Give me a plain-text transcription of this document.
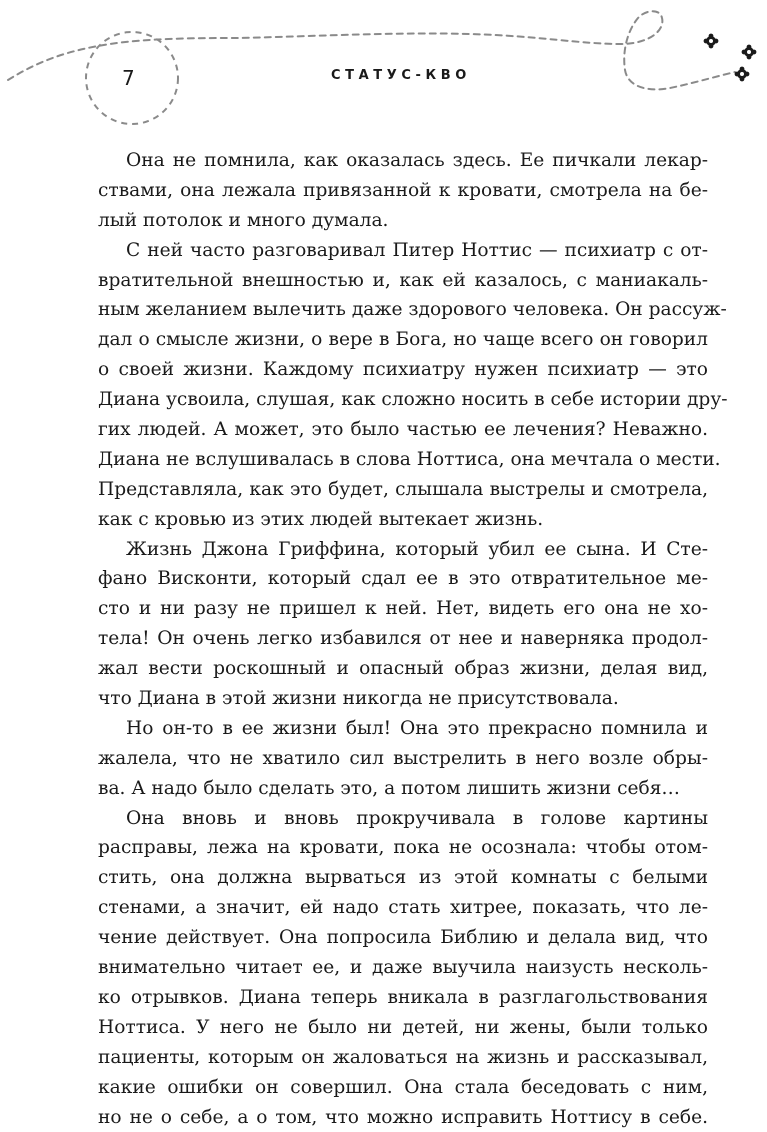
7	СТАТУС-КВО
Она не помнила, как оказалась здесь. Ее пичкали лекар-
ствами, она лежала привязанной к кровати, смотрела на бе-
лый потолок и много думала.
С ней часто разговаривал Питер Ноттис — психиатр с от-
вратительной внешностью и, как ей казалось, с маниакаль-
ным желанием вылечить даже здорового человека. Он рассуж-
дал о смысле жизни, о вере в Бога, но чаще всего он говорил
о своей жизни. Каждому психиатру нужен психиатр — это
Диана усвоила, слушая, как сложно носить в себе истории дру-
гих людей. А может, это было частью ее лечения? Неважно.
Диана не вслушивалась в слова Ноттиса, она мечтала о мести.
Представляла, как это будет, слышала выстрелы и смотрела,
как с кровью из этих людей вытекает жизнь.
Жизнь Джона Гриффина, который убил ее сына. И Сте-
фано Висконти, который сдал ее в это отвратительное ме-
сто и ни разу не пришел к ней. Нет, видеть его она не хо-
тела! Он очень легко избавился от нее и наверняка продол-
жал вести роскошный и опасный образ жизни, делая вид,
что Диана в этой жизни никогда не присутствовала.
Но он-то в ее жизни был! Она это прекрасно помнила и
жалела, что не хватило сил выстрелить в него возле обры-
ва. А надо было сделать это, а потом лишить жизни себя…
Она вновь и вновь прокручивала в голове картины
расправы, лежа на кровати, пока не осознала: чтобы отом-
стить, она должна вырваться из этой комнаты с белыми
стенами, а значит, ей надо стать хитрее, показать, что ле-
чение действует. Она попросила Библию и делала вид, что
внимательно читает ее, и даже выучила наизусть несколь-
ко отрывков. Диана теперь вникала в разглагольствования
Ноттиса. У него не было ни детей, ни жены, были только
пациенты, которым он жаловаться на жизнь и рассказывал,
какие ошибки он совершил. Она стала беседовать с ним,
но не о себе, а о том, что можно исправить Ноттису в себе.
